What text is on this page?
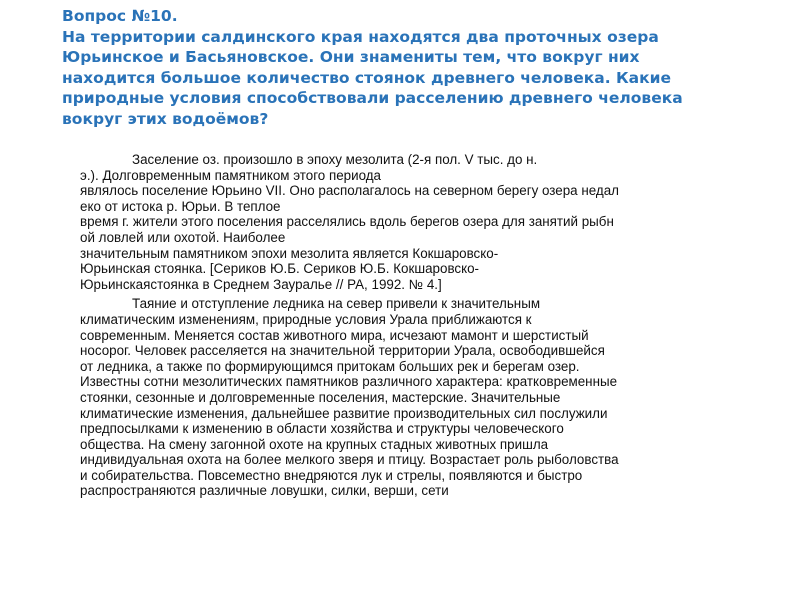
Вопрос №10.
На территории салдинского края находятся два проточных озера
Юрьинское и Басьяновское. Они знамениты тем, что вокруг них
находится большое количество стоянок древнего человека. Какие
природные условия способствовали расселению древнего человека
вокруг этих водоёмов?
Заселение оз. произошло в эпоху мезолита (2-я пол. V тыс. до н.
э.). Долговременным памятником этого периода
являлось поселение Юрьино VII. Оно располагалось на северном берегу озера недал
еко от истока р. Юрьи. В теплое
время г. жители этого поселения расселялись вдоль берегов озера для занятий рыбн
ой ловлей или охотой. Наиболее
значительным памятником эпохи мезолита является Кокшаровско-
Юрьинская стоянка. [Сериков Ю.Б. Сериков Ю.Б. Кокшаровско-
Юрьинскаястоянка в Среднем Зауралье // РА, 1992. № 4.]
Таяние и отступление ледника на север привели к значительным
климатическим изменениям, природные условия Урала приближаются к
современным. Меняется состав животного мира, исчезают мамонт и шерстистый
носорог. Человек расселяется на значительной территории Урала, освободившейся
от ледника, а также по формирующимся притокам больших рек и берегам озер.
Известны сотни мезолитических памятников различного характера: кратковременные
стоянки, сезонные и долговременные поселения, мастерские. Значительные
климатические изменения, дальнейшее развитие производительных сил послужили
предпосылками к изменению в области хозяйства и структуры человеческого
общества. На смену загонной охоте на крупных стадных животных пришла
индивидуальная охота на более мелкого зверя и птицу. Возрастает роль рыболовства
и собирательства. Повсеместно внедряются лук и стрелы, появляются и быстро
распространяются различные ловушки, силки, верши, сети
